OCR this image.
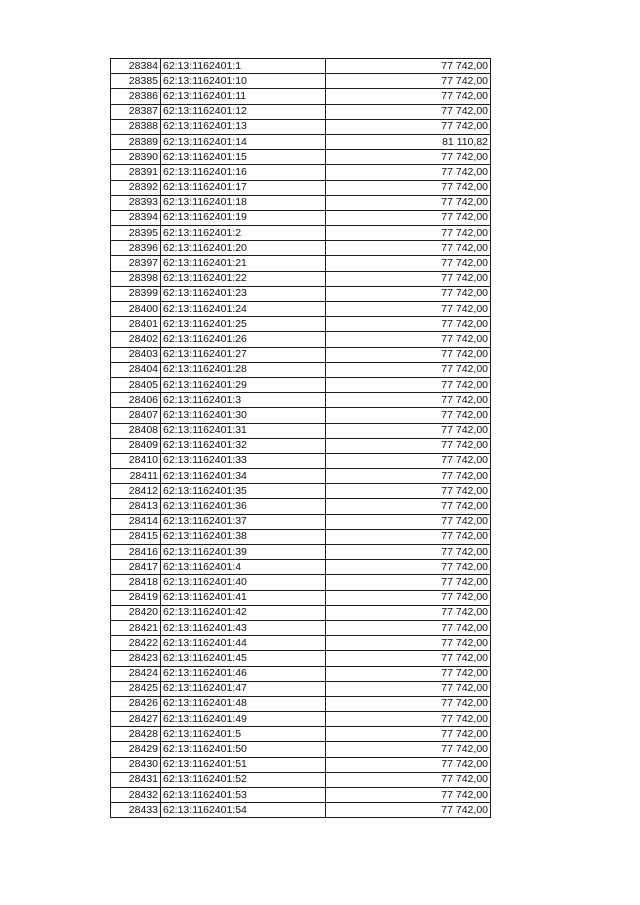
28384	62:13:1162401:1	77 742,00
28385	62:13:1162401:10	77 742,00
28386	62:13:1162401:11	77 742,00
28387	62:13:1162401:12	77 742,00
28388	62:13:1162401:13	77 742,00
28389	62:13:1162401:14	81 110,82
28390	62:13:1162401:15	77 742,00
28391	62:13:1162401:16	77 742,00
28392	62:13:1162401:17	77 742,00
28393	62:13:1162401:18	77 742,00
28394	62:13:1162401:19	77 742,00
28395	62:13:1162401:2	77 742,00
28396	62:13:1162401:20	77 742,00
28397	62:13:1162401:21	77 742,00
28398	62:13:1162401:22	77 742,00
28399	62:13:1162401:23	77 742,00
28400	62:13:1162401:24	77 742,00
28401	62:13:1162401:25	77 742,00
28402	62:13:1162401:26	77 742,00
28403	62:13:1162401:27	77 742,00
28404	62:13:1162401:28	77 742,00
28405	62:13:1162401:29	77 742,00
28406	62:13:1162401:3	77 742,00
28407	62:13:1162401:30	77 742,00
28408	62:13:1162401:31	77 742,00
28409	62:13:1162401:32	77 742,00
28410	62:13:1162401:33	77 742,00
28411	62:13:1162401:34	77 742,00
28412	62:13:1162401:35	77 742,00
28413	62:13:1162401:36	77 742,00
28414	62:13:1162401:37	77 742,00
28415	62:13:1162401:38	77 742,00
28416	62:13:1162401:39	77 742,00
28417	62:13:1162401:4	77 742,00
28418	62:13:1162401:40	77 742,00
28419	62:13:1162401:41	77 742,00
28420	62:13:1162401:42	77 742,00
28421	62:13:1162401:43	77 742,00
28422	62:13:1162401:44	77 742,00
28423	62:13:1162401:45	77 742,00
28424	62:13:1162401:46	77 742,00
28425	62:13:1162401:47	77 742,00
28426	62:13:1162401:48	77 742,00
28427	62:13:1162401:49	77 742,00
28428	62:13:1162401:5	77 742,00
28429	62:13:1162401:50	77 742,00
28430	62:13:1162401:51	77 742,00
28431	62:13:1162401:52	77 742,00
28432	62:13:1162401:53	77 742,00
28433	62:13:1162401:54	77 742,00
